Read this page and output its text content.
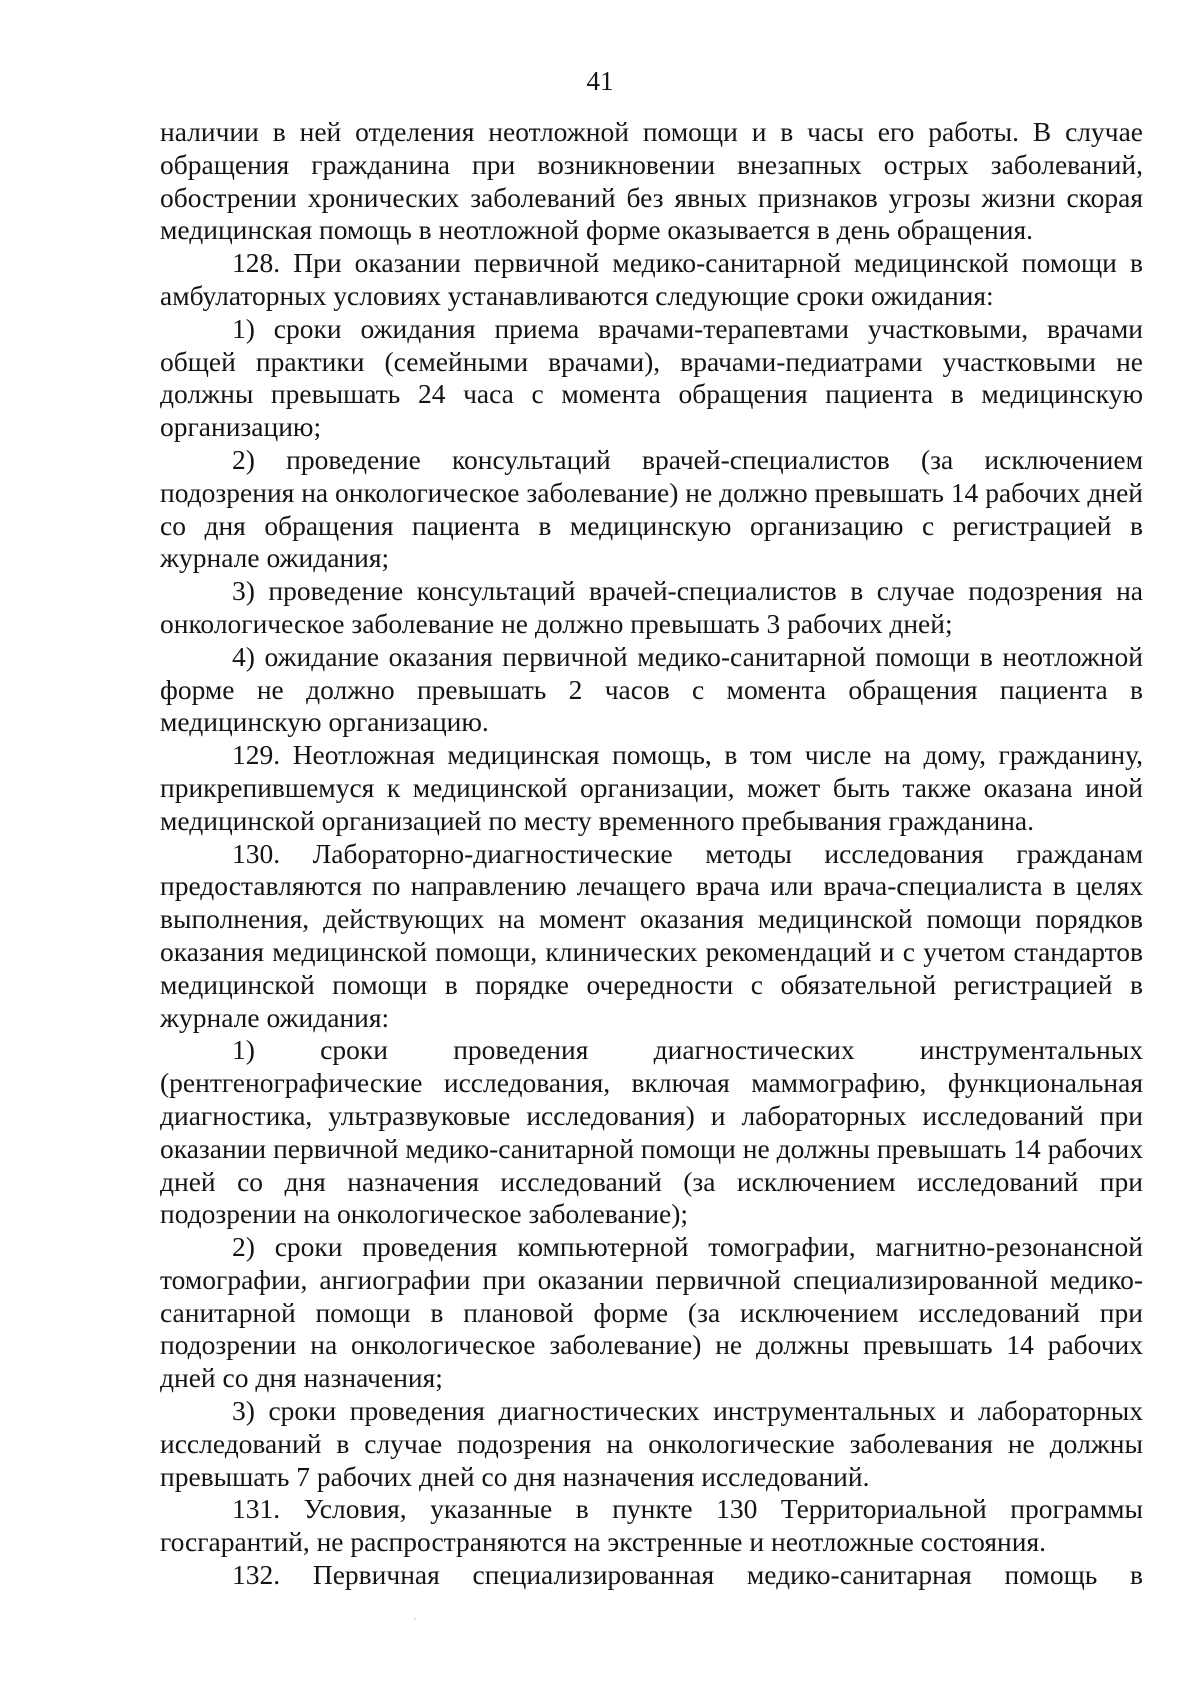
41

наличии в ней отделения неотложной помощи и в часы его работы. В случае обращения гражданина при возникновении внезапных острых заболеваний, обострении хронических заболеваний без явных признаков угрозы жизни скорая медицинская помощь в неотложной форме оказывается в день обращения.

128. При оказании первичной медико-санитарной медицинской помощи в амбулаторных условиях устанавливаются следующие сроки ожидания:

1) сроки ожидания приема врачами-терапевтами участковыми, врачами общей практики (семейными врачами), врачами-педиатрами участковыми не должны превышать 24 часа с момента обращения пациента в медицинскую организацию;

2) проведение консультаций врачей-специалистов (за исключением подозрения на онкологическое заболевание) не должно превышать 14 рабочих дней со дня обращения пациента в медицинскую организацию с регистрацией в журнале ожидания;

3) проведение консультаций врачей-специалистов в случае подозрения на онкологическое заболевание не должно превышать 3 рабочих дней;

4) ожидание оказания первичной медико-санитарной помощи в неотложной форме не должно превышать 2 часов с момента обращения пациента в медицинскую организацию.

129. Неотложная медицинская помощь, в том числе на дому, гражданину, прикрепившемуся к медицинской организации, может быть также оказана иной медицинской организацией по месту временного пребывания гражданина.

130. Лабораторно-диагностические методы исследования гражданам предоставляются по направлению лечащего врача или врача-специалиста в целях выполнения, действующих на момент оказания медицинской помощи порядков оказания медицинской помощи, клинических рекомендаций и с учетом стандартов медицинской помощи в порядке очередности с обязательной регистрацией в журнале ожидания:

1) сроки проведения диагностических инструментальных (рентгенографические исследования, включая маммографию, функциональная диагностика, ультразвуковые исследования) и лабораторных исследований при оказании первичной медико-санитарной помощи не должны превышать 14 рабочих дней со дня назначения исследований (за исключением исследований при подозрении на онкологическое заболевание);

2) сроки проведения компьютерной томографии, магнитно-резонансной томографии, ангиографии при оказании первичной специализированной медико-санитарной помощи в плановой форме (за исключением исследований при подозрении на онкологическое заболевание) не должны превышать 14 рабочих дней со дня назначения;

3) сроки проведения диагностических инструментальных и лабораторных исследований в случае подозрения на онкологические заболевания не должны превышать 7 рабочих дней со дня назначения исследований.

131. Условия, указанные в пункте 130 Территориальной программы госгарантий, не распространяются на экстренные и неотложные состояния.

132. Первичная специализированная медико-санитарная помощь в
